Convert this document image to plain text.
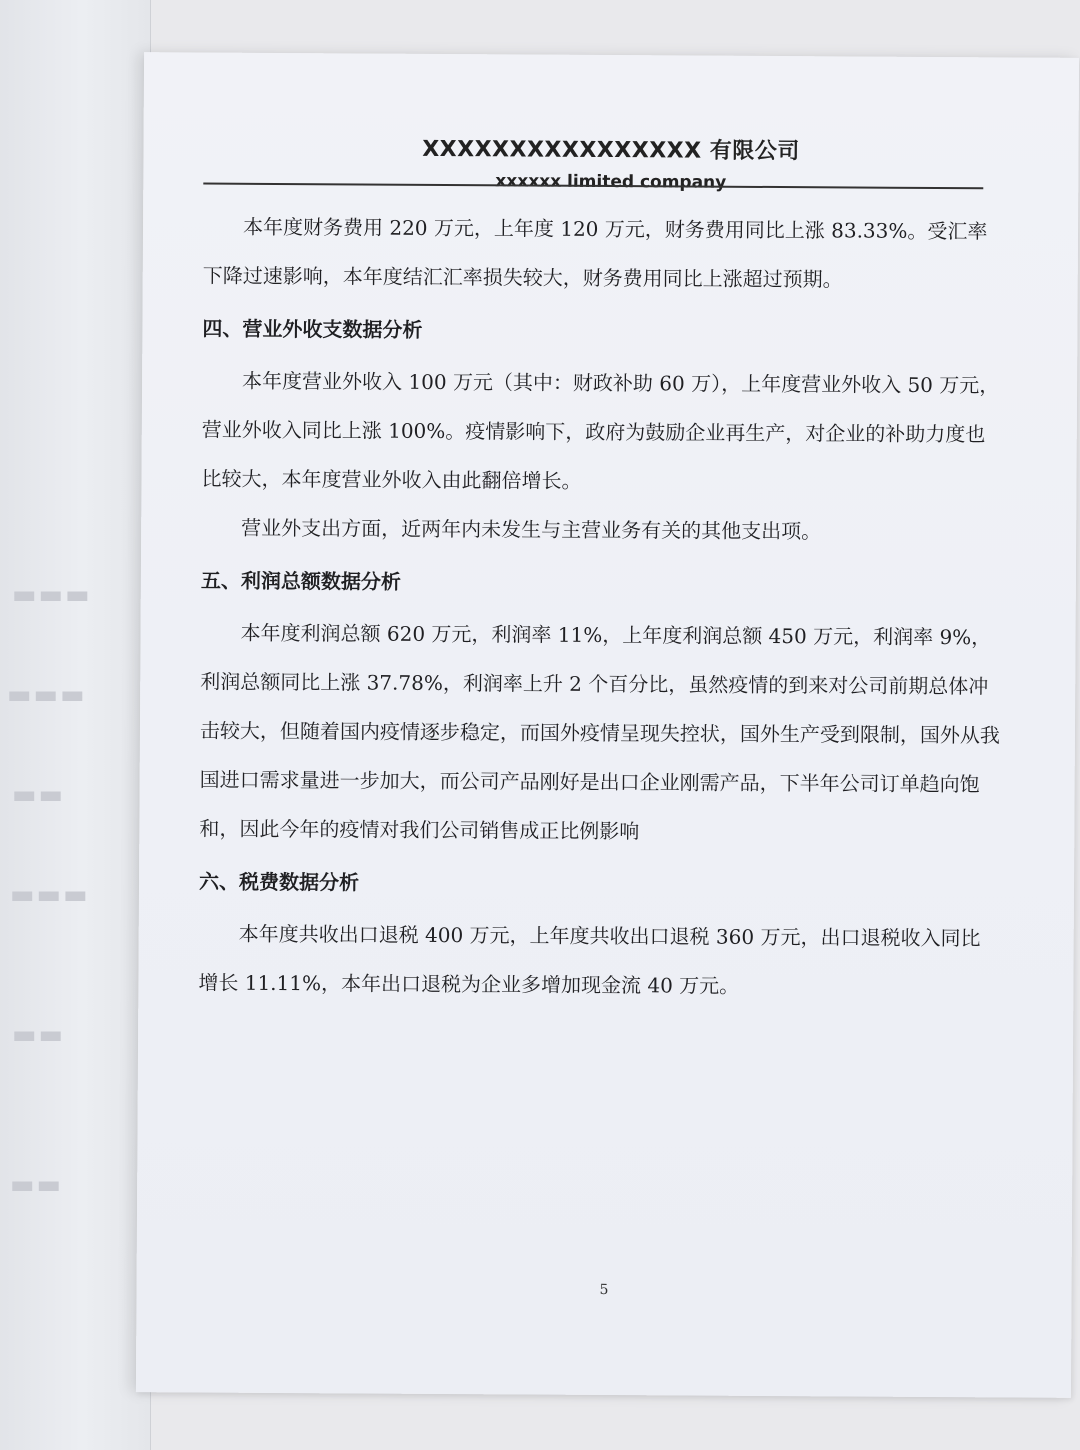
▬▬▬
▬▬▬
▬▬
▬▬▬
▬▬
▬▬
XXXXXXXXXXXXXXXX 有限公司
xxxxxx limited company

本年度财务费用 220 万元，上年度 120 万元，财务费用同比上涨 83.33%。受汇率下降过速影响，本年度结汇汇率损失较大，财务费用同比上涨超过预期。

四、营业外收支数据分析

本年度营业外收入 100 万元（其中：财政补助 60 万），上年度营业外收入 50 万元，营业外收入同比上涨 100%。疫情影响下，政府为鼓励企业再生产，对企业的补助力度也比较大，本年度营业外收入由此翻倍增长。

营业外支出方面，近两年内未发生与主营业务有关的其他支出项。

五、利润总额数据分析

本年度利润总额 620 万元，利润率 11%，上年度利润总额 450 万元，利润率 9%，利润总额同比上涨 37.78%，利润率上升 2 个百分比，虽然疫情的到来对公司前期总体冲击较大，但随着国内疫情逐步稳定，而国外疫情呈现失控状，国外生产受到限制，国外从我国进口需求量进一步加大，而公司产品刚好是出口企业刚需产品，下半年公司订单趋向饱和，因此今年的疫情对我们公司销售成正比例影响

六、税费数据分析

本年度共收出口退税 400 万元，上年度共收出口退税 360 万元，出口退税收入同比增长 11.11%，本年出口退税为企业多增加现金流 40 万元。

5
